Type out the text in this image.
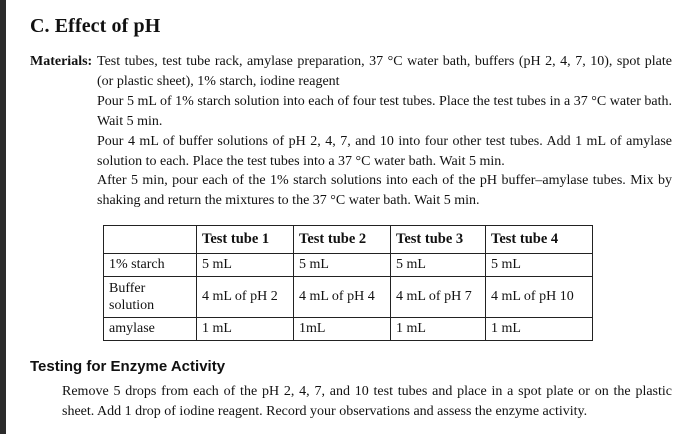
C. Effect of pH
Materials: Test tubes, test tube rack, amylase preparation, 37 °C water bath, buffers (pH 2, 4, 7, 10), spot plate (or plastic sheet), 1% starch, iodine reagent
Pour 5 mL of 1% starch solution into each of four test tubes. Place the test tubes in a 37 °C water bath. Wait 5 min.
Pour 4 mL of buffer solutions of pH 2, 4, 7, and 10 into four other test tubes. Add 1 mL of amylase solution to each. Place the test tubes into a 37 °C water bath. Wait 5 min.
After 5 min, pour each of the 1% starch solutions into each of the pH buffer–amylase tubes. Mix by shaking and return the mixtures to the 37 °C water bath. Wait 5 min.
	Test tube 1	Test tube 2	Test tube 3	Test tube 4
1% starch	5 mL	5 mL	5 mL	5 mL
Buffer solution	4 mL of pH 2	4 mL of pH 4	4 mL of pH 7	4 mL of pH 10
amylase	1 mL	1mL	1 mL	1 mL
Testing for Enzyme Activity
Remove 5 drops from each of the pH 2, 4, 7, and 10 test tubes and place in a spot plate or on the plastic sheet. Add 1 drop of iodine reagent. Record your observations and assess the enzyme activity.
